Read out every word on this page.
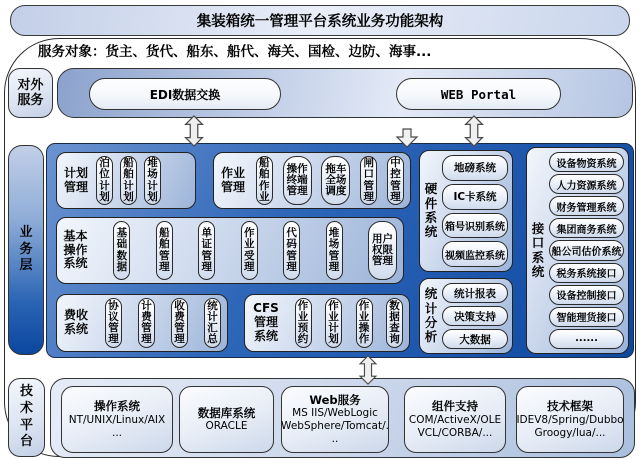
集装箱统一管理平台系统业务功能架构
服务对象：货主、货代、船东、船代、海关、国检、边防、海事...
对外服务	EDI数据交换	WEB Portal
业务层
计划管理
泊位计划
船舶计划
堆场计划
作业管理
船舶作业
操作终端管理
拖车全场调度
闸口管理
中控管理
基本操作系统
基础数据
船舶管理
单证管理
作业受理
代码管理
堆场管理
用户权限管理
费收系统
协议管理
计费管理
收费管理
统计汇总
CFS管理系统
作业预约
作业计划
作业操作
数据查询
硬件系统
地磅系统
IC卡系统
箱号识别系统
视频监控系统
统计分析
统计报表
决策支持
大数据
接口系统
设备物资系统
人力资源系统
财务管理系统
集团商务系统
船公司估价系统
税务系统接口
设备控制接口
智能理货接口
......
技术平台
操作系统
NT/UNIX/Linux/AIX
...
数据库系统
ORACLE
Web服务
MS IIS/WebLogic
WebSphere/Tomcat/.
..
组件支持
COM/ActiveX/OLE
VCL/CORBA/...
技术框架
IDEV8/Spring/Dubbo
Groogy/lua/...
